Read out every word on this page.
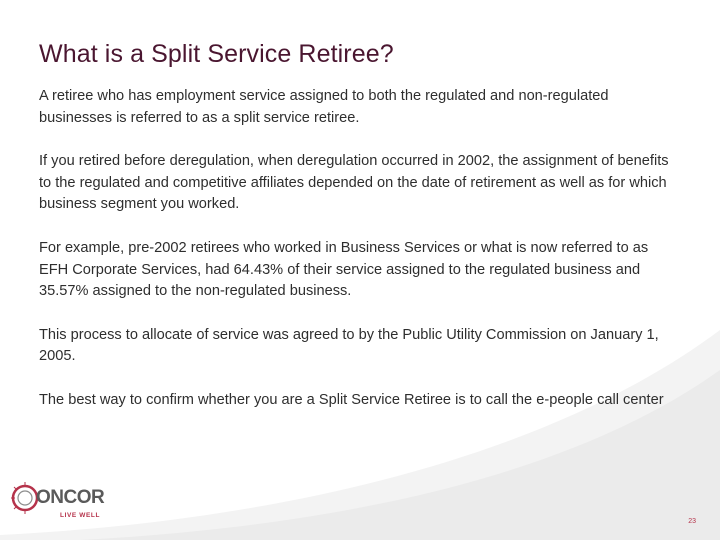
What is a Split Service Retiree?

A retiree who has employment service assigned to both the regulated and non-regulated businesses is referred to as a split service retiree.

If you retired before deregulation, when deregulation occurred in 2002, the assignment of benefits to the regulated and competitive affiliates depended on the date of retirement as well as for which business segment you worked.

For example, pre-2002 retirees who worked in Business Services or what is now referred to as EFH Corporate Services, had 64.43% of their service assigned to the regulated business and 35.57% assigned to the non-regulated business.

This process to allocate of service was agreed to by the Public Utility Commission on January 1, 2005.

The best way to confirm whether you are a Split Service Retiree is to call the e-people call center

ONCOR
LIVE WELL
23
